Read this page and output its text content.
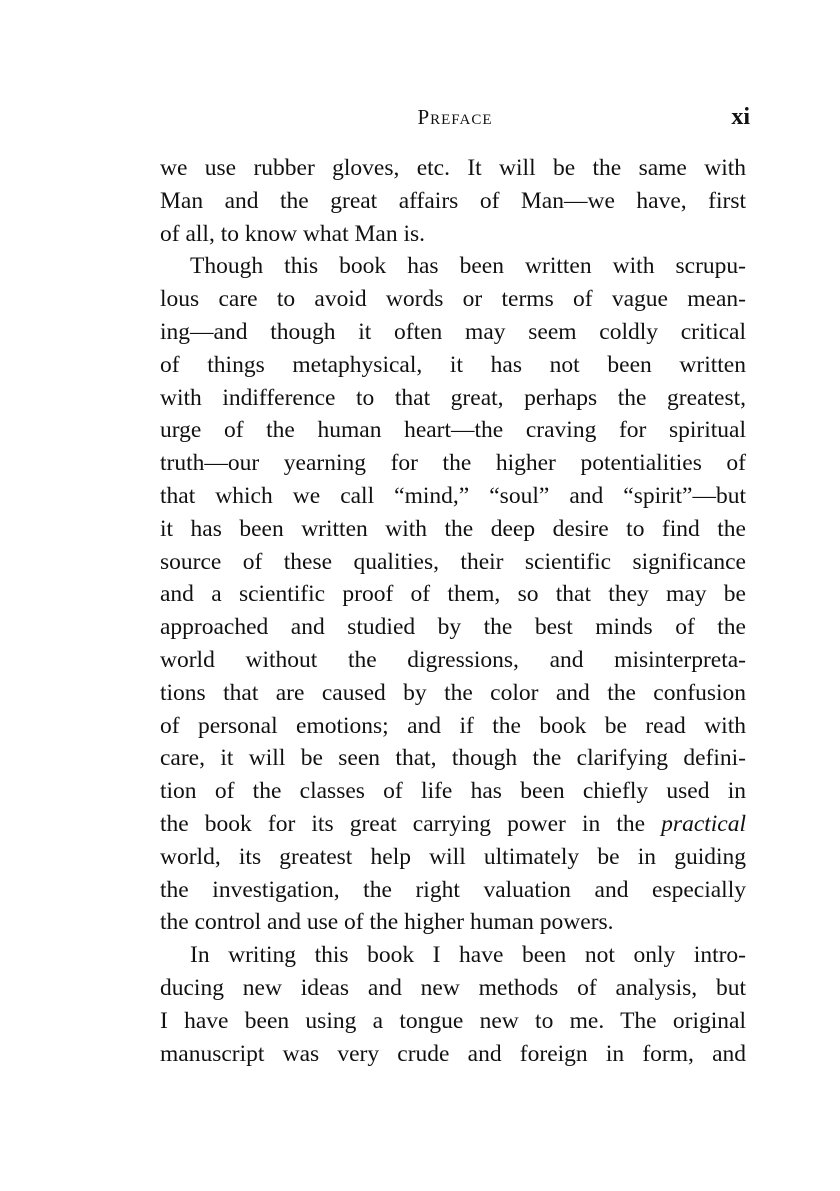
Preface	xi
we use rubber gloves, etc. It will be the same with
Man and the great affairs of Man—we have, first
of all, to know what Man is.
Though this book has been written with scrupu-
lous care to avoid words or terms of vague mean-
ing—and though it often may seem coldly critical
of things metaphysical, it has not been written
with indifference to that great, perhaps the greatest,
urge of the human heart—the craving for spiritual
truth—our yearning for the higher potentialities of
that which we call “mind,” “soul” and “spirit”—but
it has been written with the deep desire to find the
source of these qualities, their scientific significance
and a scientific proof of them, so that they may be
approached and studied by the best minds of the
world without the digressions, and misinterpreta-
tions that are caused by the color and the confusion
of personal emotions; and if the book be read with
care, it will be seen that, though the clarifying defini-
tion of the classes of life has been chiefly used in
the book for its great carrying power in the practical
world, its greatest help will ultimately be in guiding
the investigation, the right valuation and especially
the control and use of the higher human powers.
In writing this book I have been not only intro-
ducing new ideas and new methods of analysis, but
I have been using a tongue new to me. The original
manuscript was very crude and foreign in form, and
